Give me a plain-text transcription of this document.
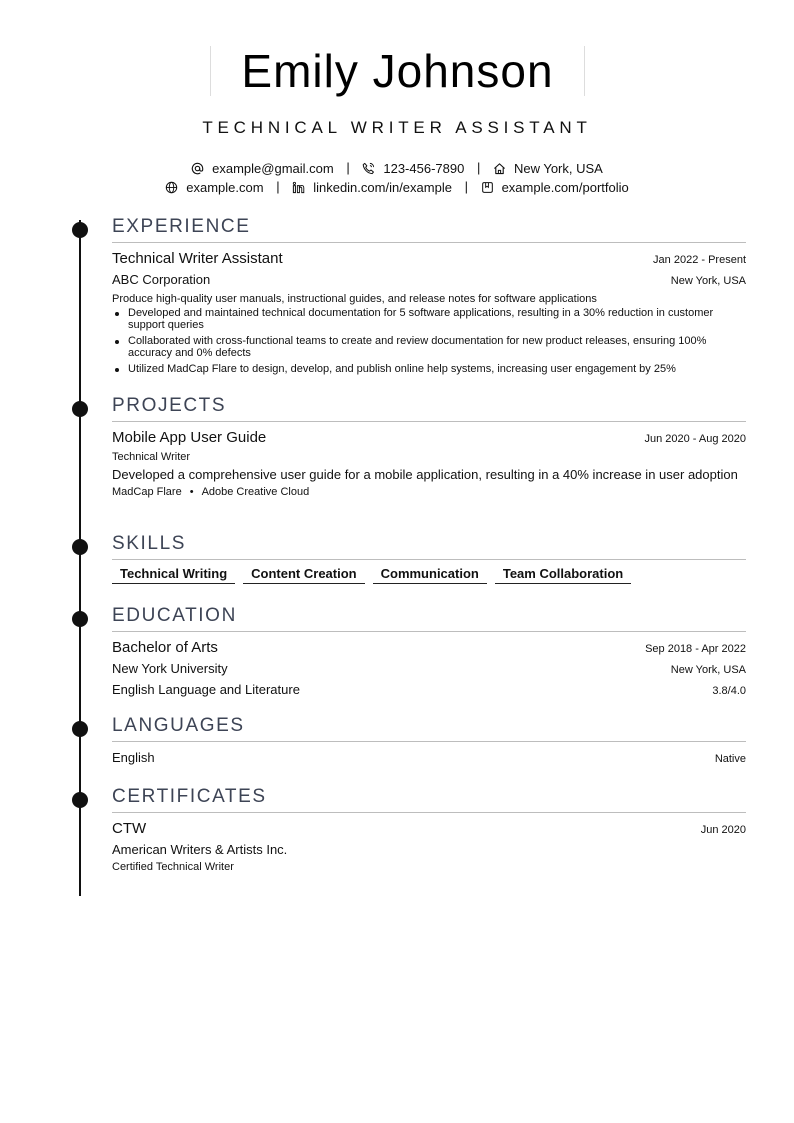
Emily Johnson
TECHNICAL WRITER ASSISTANT
example@gmail.com |	123-456-7890 |	New York, USA
example.com |	linkedin.com/in/example |	example.com/portfolio
EXPERIENCE
Technical Writer Assistant	Jan 2022 - Present
ABC Corporation	New York, USA
Produce high-quality user manuals, instructional guides, and release notes for software applications
Developed and maintained technical documentation for 5 software applications, resulting in a 30% reduction in customer support queries
Collaborated with cross-functional teams to create and review documentation for new product releases, ensuring 100% accuracy and 0% defects
Utilized MadCap Flare to design, develop, and publish online help systems, increasing user engagement by 25%
PROJECTS
Mobile App User Guide	Jun 2020 - Aug 2020
Technical Writer
Developed a comprehensive user guide for a mobile application, resulting in a 40% increase in user adoption
MadCap Flare • Adobe Creative Cloud
SKILLS
Technical Writing	Content Creation	Communication	Team Collaboration
EDUCATION
Bachelor of Arts	Sep 2018 - Apr 2022
New York University	New York, USA
English Language and Literature	3.8/4.0
LANGUAGES
English	Native
CERTIFICATES
CTW	Jun 2020
American Writers & Artists Inc.
Certified Technical Writer
